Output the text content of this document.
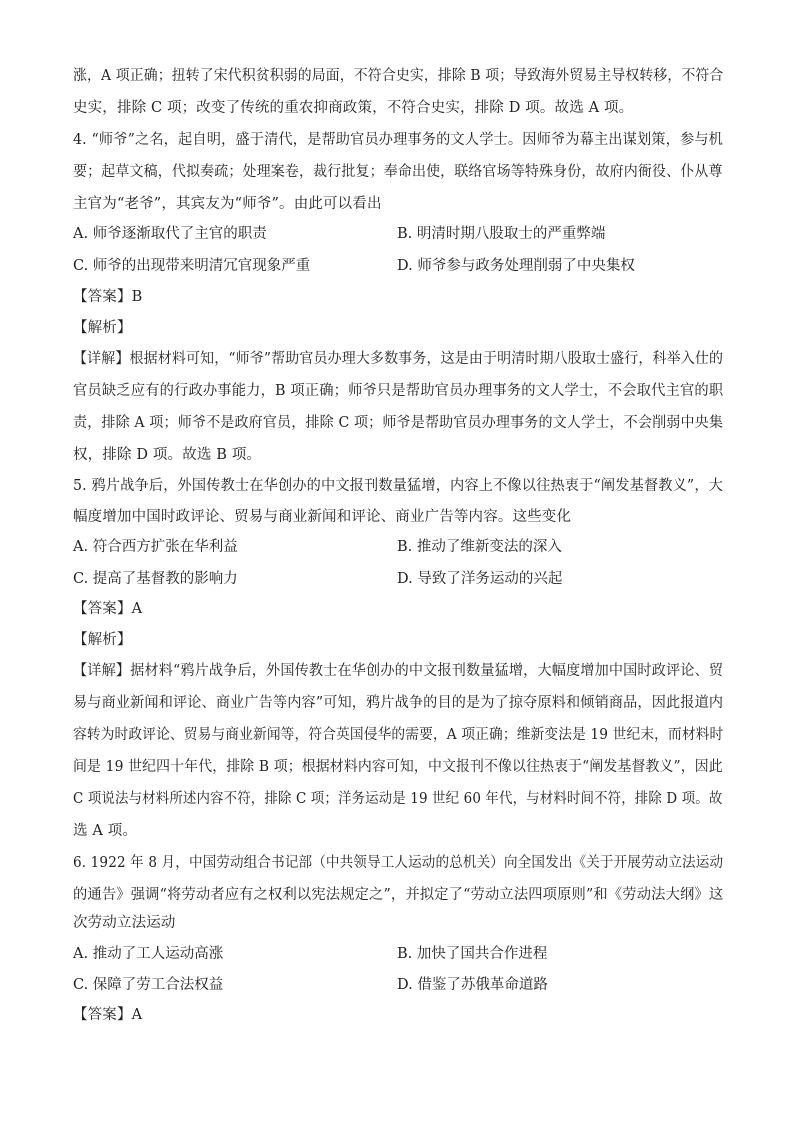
涨，A 项正确；扭转了宋代积贫积弱的局面，不符合史实，排除 B 项；导致海外贸易主导权转移，不符合
史实，排除 C 项；改变了传统的重农抑商政策，不符合史实，排除 D 项。故选 A 项。
4. “师爷”之名，起自明，盛于清代，是帮助官员办理事务的文人学士。因师爷为幕主出谋划策，参与机
要；起草文稿，代拟奏疏；处理案卷，裁行批复；奉命出使，联络官场等特殊身份，故府内衙役、仆从尊
主官为“老爷”，其宾友为“师爷”。由此可以看出
A. 师爷逐渐取代了主官的职责	B. 明清时期八股取士的严重弊端
C. 师爷的出现带来明清冗官现象严重	D. 师爷参与政务处理削弱了中央集权
【答案】B
【解析】
【详解】根据材料可知，“师爷”帮助官员办理大多数事务，这是由于明清时期八股取士盛行，科举入仕的
官员缺乏应有的行政办事能力，B 项正确；师爷只是帮助官员办理事务的文人学士，不会取代主官的职
责，排除 A 项；师爷不是政府官员，排除 C 项；师爷是帮助官员办理事务的文人学士，不会削弱中央集
权，排除 D 项。故选 B 项。
5. 鸦片战争后，外国传教士在华创办的中文报刊数量猛增，内容上不像以往热衷于“阐发基督教义”，大
幅度增加中国时政评论、贸易与商业新闻和评论、商业广告等内容。这些变化
A. 符合西方扩张在华利益	B. 推动了维新变法的深入
C. 提高了基督教的影响力	D. 导致了洋务运动的兴起
【答案】A
【解析】
【详解】据材料“鸦片战争后，外国传教士在华创办的中文报刊数量猛增，大幅度增加中国时政评论、贸
易与商业新闻和评论、商业广告等内容”可知，鸦片战争的目的是为了掠夺原料和倾销商品，因此报道内
容转为时政评论、贸易与商业新闻等，符合英国侵华的需要，A 项正确；维新变法是 19 世纪末，而材料时
间是 19 世纪四十年代，排除 B 项；根据材料内容可知，中文报刊不像以往热衷于“阐发基督教义”，因此
C 项说法与材料所述内容不符，排除 C 项；洋务运动是 19 世纪 60 年代，与材料时间不符，排除 D 项。故
选 A 项。
6. 1922 年 8 月，中国劳动组合书记部（中共领导工人运动的总机关）向全国发出《关于开展劳动立法运动
的通告》强调“将劳动者应有之权利以宪法规定之”，并拟定了“劳动立法四项原则”和《劳动法大纲》这
次劳动立法运动
A. 推动了工人运动高涨	B. 加快了国共合作进程
C. 保障了劳工合法权益	D. 借鉴了苏俄革命道路
【答案】A
